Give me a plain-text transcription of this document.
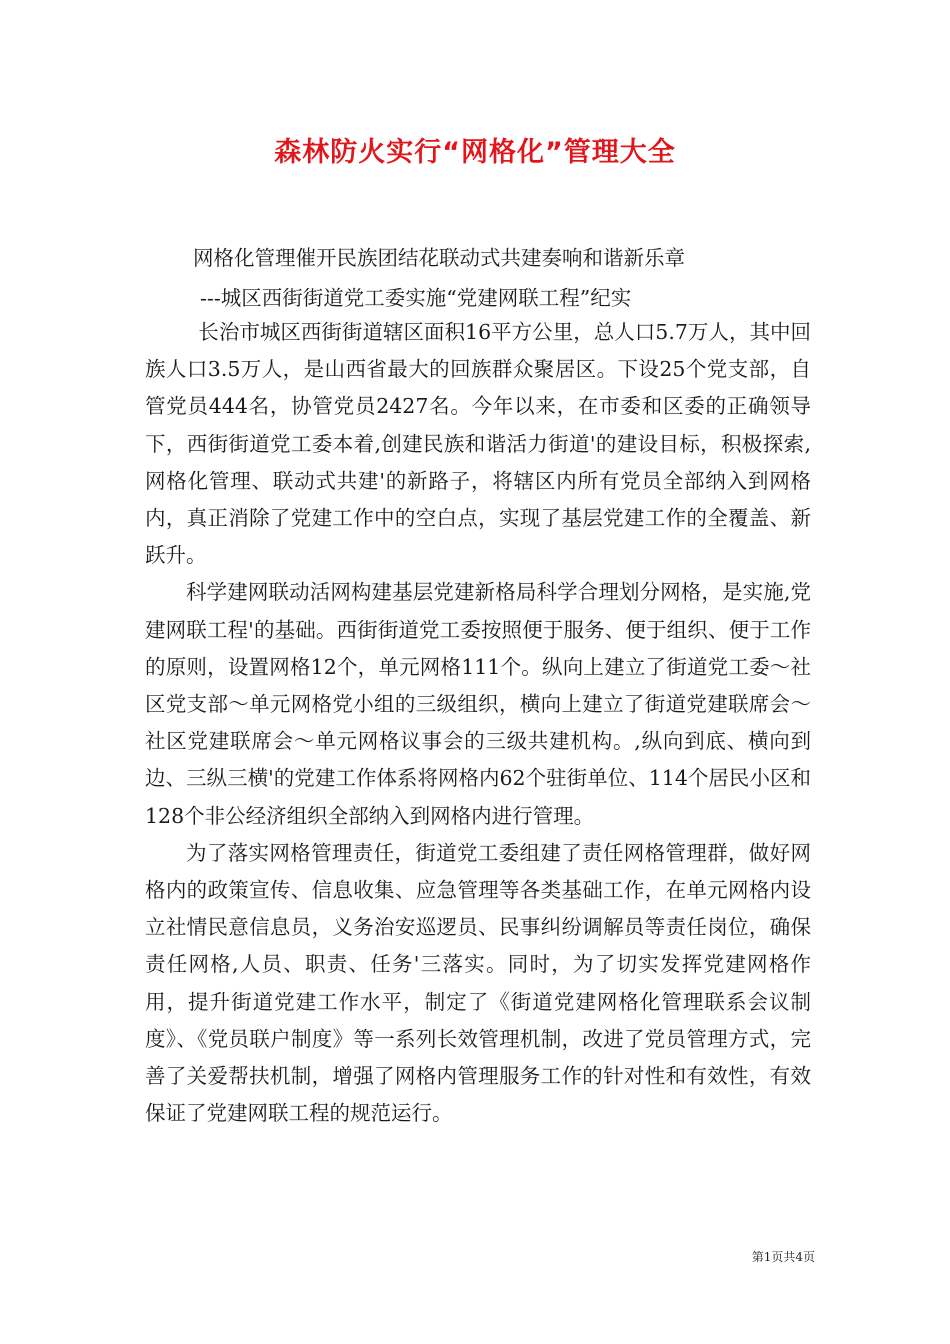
森林防火实行“网格化”管理大全
网格化管理催开民族团结花联动式共建奏响和谐新乐章
---城区西街街道党工委实施“党建网联工程”纪实

长治市城区西街街道辖区面积16平方公里，总人口5.7万人，其中回族人口3.5万人，是山西省最大的回族群众聚居区。下设25个党支部，自管党员444名，协管党员2427名。今年以来，在市委和区委的正确领导下，西街街道党工委本着,创建民族和谐活力街道'的建设目标，积极探索,网格化管理、联动式共建'的新路子，将辖区内所有党员全部纳入到网格内，真正消除了党建工作中的空白点，实现了基层党建工作的全覆盖、新跃升。

科学建网联动活网构建基层党建新格局科学合理划分网格，是实施,党建网联工程'的基础。西街街道党工委按照便于服务、便于组织、便于工作的原则，设置网格12个，单元网格111个。纵向上建立了街道党工委～社区党支部～单元网格党小组的三级组织，横向上建立了街道党建联席会～社区党建联席会～单元网格议事会的三级共建机构。,纵向到底、横向到边、三纵三横'的党建工作体系将网格内62个驻街单位、114个居民小区和128个非公经济组织全部纳入到网格内进行管理。

为了落实网格管理责任，街道党工委组建了责任网格管理群，做好网格内的政策宣传、信息收集、应急管理等各类基础工作，在单元网格内设立社情民意信息员，义务治安巡逻员、民事纠纷调解员等责任岗位，确保责任网格,人员、职责、任务'三落实。同时，为了切实发挥党建网格作用，提升街道党建工作水平，制定了《街道党建网格化管理联系会议制度》、《党员联户制度》等一系列长效管理机制，改进了党员管理方式，完善了关爱帮扶机制，增强了网格内管理服务工作的针对性和有效性，有效保证了党建网联工程的规范运行。

第1页共4页
